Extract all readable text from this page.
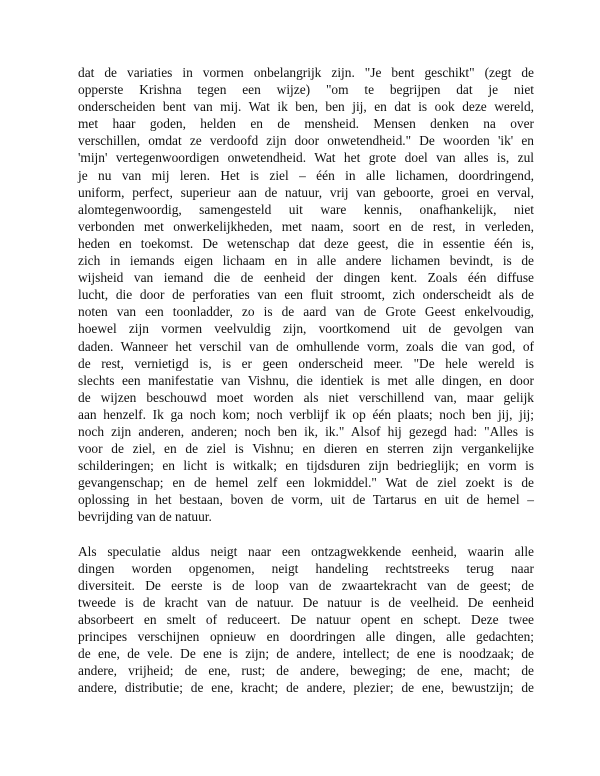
dat de variaties in vormen onbelangrijk zijn. "Je bent geschikt" (zegt de
opperste Krishna tegen een wijze) "om te begrijpen dat je niet
onderscheiden bent van mij. Wat ik ben, ben jij, en dat is ook deze wereld,
met haar goden, helden en de mensheid. Mensen denken na over
verschillen, omdat ze verdoofd zijn door onwetendheid." De woorden 'ik' en
'mijn' vertegenwoordigen onwetendheid. Wat het grote doel van alles is, zul
je nu van mij leren. Het is ziel – één in alle lichamen, doordringend,
uniform, perfect, superieur aan de natuur, vrij van geboorte, groei en verval,
alomtegenwoordig, samengesteld uit ware kennis, onafhankelijk, niet
verbonden met onwerkelijkheden, met naam, soort en de rest, in verleden,
heden en toekomst. De wetenschap dat deze geest, die in essentie één is,
zich in iemands eigen lichaam en in alle andere lichamen bevindt, is de
wijsheid van iemand die de eenheid der dingen kent. Zoals één diffuse
lucht, die door de perforaties van een fluit stroomt, zich onderscheidt als de
noten van een toonladder, zo is de aard van de Grote Geest enkelvoudig,
hoewel zijn vormen veelvuldig zijn, voortkomend uit de gevolgen van
daden. Wanneer het verschil van de omhullende vorm, zoals die van god, of
de rest, vernietigd is, is er geen onderscheid meer. "De hele wereld is
slechts een manifestatie van Vishnu, die identiek is met alle dingen, en door
de wijzen beschouwd moet worden als niet verschillend van, maar gelijk
aan henzelf. Ik ga noch kom; noch verblijf ik op één plaats; noch ben jij, jij;
noch zijn anderen, anderen; noch ben ik, ik." Alsof hij gezegd had: "Alles is
voor de ziel, en de ziel is Vishnu; en dieren en sterren zijn vergankelijke
schilderingen; en licht is witkalk; en tijdsduren zijn bedrieglijk; en vorm is
gevangenschap; en de hemel zelf een lokmiddel." Wat de ziel zoekt is de
oplossing in het bestaan, boven de vorm, uit de Tartarus en uit de hemel –
bevrijding van de natuur.
Als speculatie aldus neigt naar een ontzagwekkende eenheid, waarin alle
dingen worden opgenomen, neigt handeling rechtstreeks terug naar
diversiteit. De eerste is de loop van de zwaartekracht van de geest; de
tweede is de kracht van de natuur. De natuur is de veelheid. De eenheid
absorbeert en smelt of reduceert. De natuur opent en schept. Deze twee
principes verschijnen opnieuw en doordringen alle dingen, alle gedachten;
de ene, de vele. De ene is zijn; de andere, intellect; de ene is noodzaak; de
andere, vrijheid; de ene, rust; de andere, beweging; de ene, macht; de
andere, distributie; de ene, kracht; de andere, plezier; de ene, bewustzijn; de
